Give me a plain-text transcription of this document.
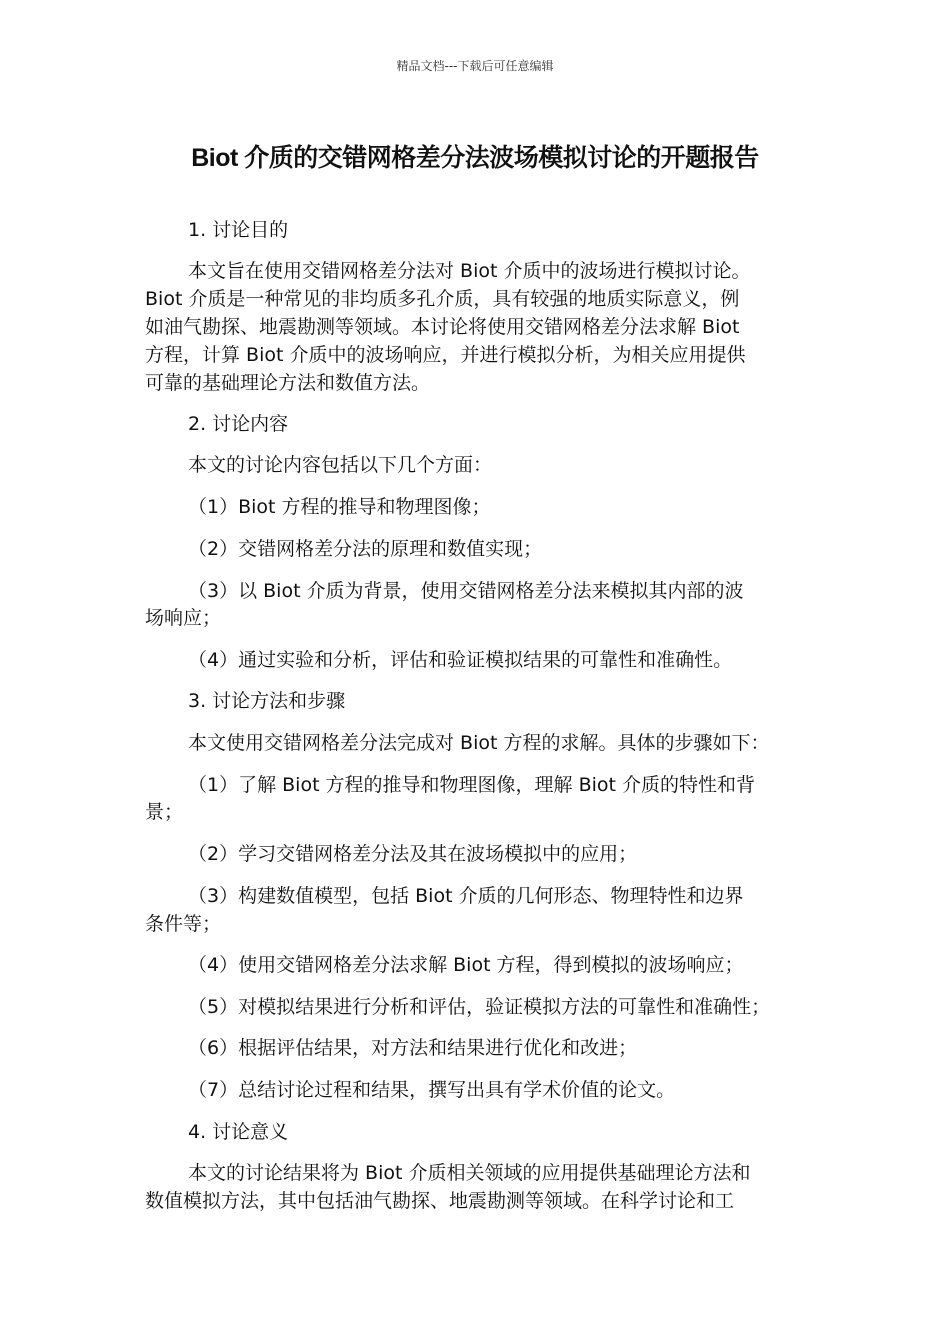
精品文档---下载后可任意编辑
Biot 介质的交错网格差分法波场模拟讨论的开题报告
1. 讨论目的
本文旨在使用交错网格差分法对 Biot 介质中的波场进行模拟讨论。
Biot 介质是一种常见的非均质多孔介质，具有较强的地质实际意义，例
如油气勘探、地震勘测等领域。本讨论将使用交错网格差分法求解 Biot
方程，计算 Biot 介质中的波场响应，并进行模拟分析，为相关应用提供
可靠的基础理论方法和数值方法。
2. 讨论内容
本文的讨论内容包括以下几个方面：
（1）Biot 方程的推导和物理图像；
（2）交错网格差分法的原理和数值实现；
（3）以 Biot 介质为背景，使用交错网格差分法来模拟其内部的波
场响应；
（4）通过实验和分析，评估和验证模拟结果的可靠性和准确性。
3. 讨论方法和步骤
本文使用交错网格差分法完成对 Biot 方程的求解。具体的步骤如下：
（1）了解 Biot 方程的推导和物理图像，理解 Biot 介质的特性和背
景；
（2）学习交错网格差分法及其在波场模拟中的应用；
（3）构建数值模型，包括 Biot 介质的几何形态、物理特性和边界
条件等；
（4）使用交错网格差分法求解 Biot 方程，得到模拟的波场响应；
（5）对模拟结果进行分析和评估，验证模拟方法的可靠性和准确性；
（6）根据评估结果，对方法和结果进行优化和改进；
（7）总结讨论过程和结果，撰写出具有学术价值的论文。
4. 讨论意义
本文的讨论结果将为 Biot 介质相关领域的应用提供基础理论方法和
数值模拟方法，其中包括油气勘探、地震勘测等领域。在科学讨论和工
